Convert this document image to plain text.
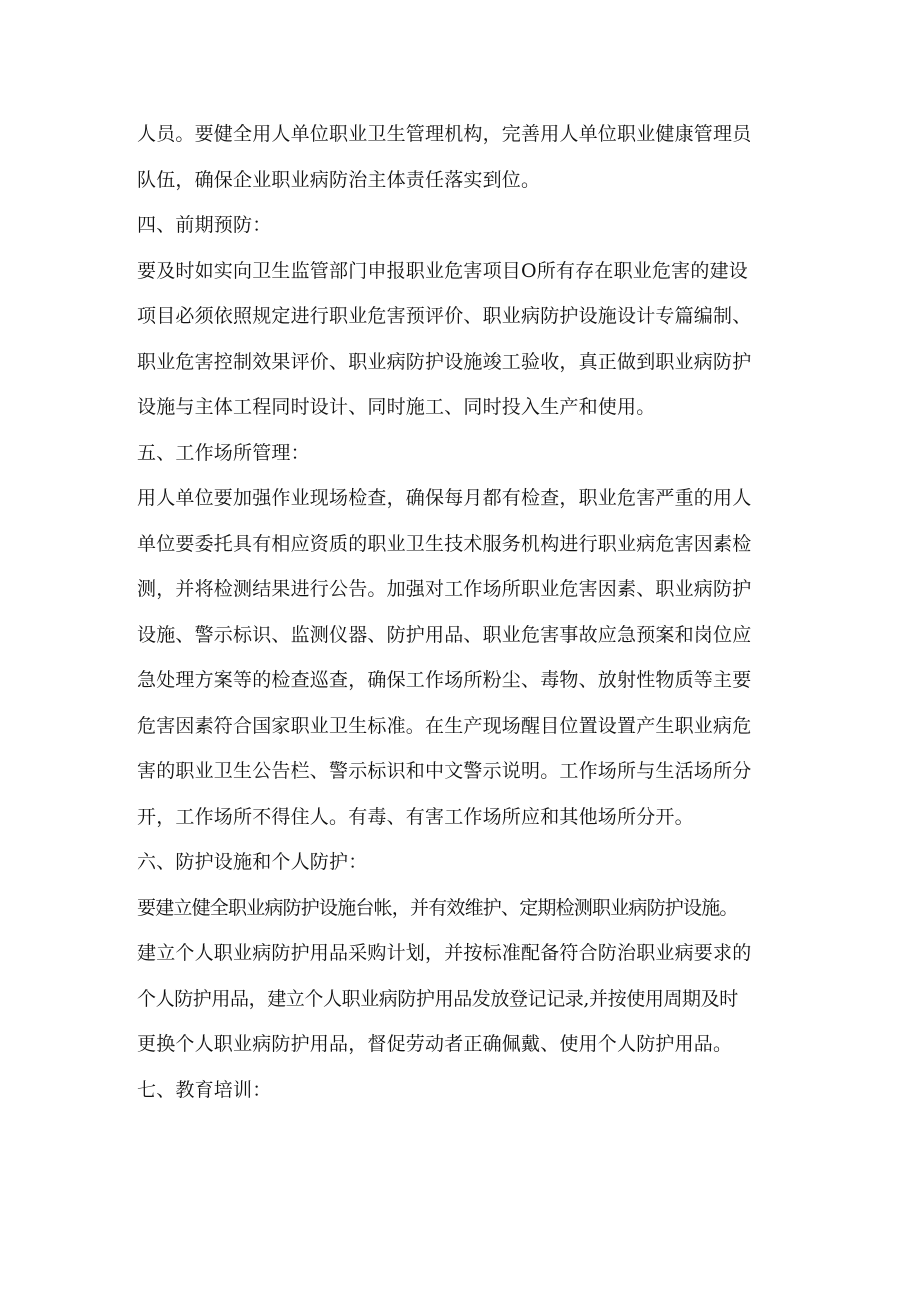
人员。要健全用人单位职业卫生管理机构，完善用人单位职业健康管理员
队伍，确保企业职业病防治主体责任落实到位。
四、前期预防：
要及时如实向卫生监管部门申报职业危害项目O所有存在职业危害的建设
项目必须依照规定进行职业危害预评价、职业病防护设施设计专篇编制、
职业危害控制效果评价、职业病防护设施竣工验收，真正做到职业病防护
设施与主体工程同时设计、同时施工、同时投入生产和使用。
五、工作场所管理：
用人单位要加强作业现场检查，确保每月都有检查，职业危害严重的用人
单位要委托具有相应资质的职业卫生技术服务机构进行职业病危害因素检
测，并将检测结果进行公告。加强对工作场所职业危害因素、职业病防护
设施、警示标识、监测仪器、防护用品、职业危害事故应急预案和岗位应
急处理方案等的检查巡查，确保工作场所粉尘、毒物、放射性物质等主要
危害因素符合国家职业卫生标准。在生产现场醒目位置设置产生职业病危
害的职业卫生公告栏、警示标识和中文警示说明。工作场所与生活场所分
开，工作场所不得住人。有毒、有害工作场所应和其他场所分开。
六、防护设施和个人防护：
要建立健全职业病防护设施台帐，并有效维护、定期检测职业病防护设施。
建立个人职业病防护用品采购计划，并按标准配备符合防治职业病要求的
个人防护用品，建立个人职业病防护用品发放登记记录,并按使用周期及时
更换个人职业病防护用品，督促劳动者正确佩戴、使用个人防护用品。
七、教育培训：
